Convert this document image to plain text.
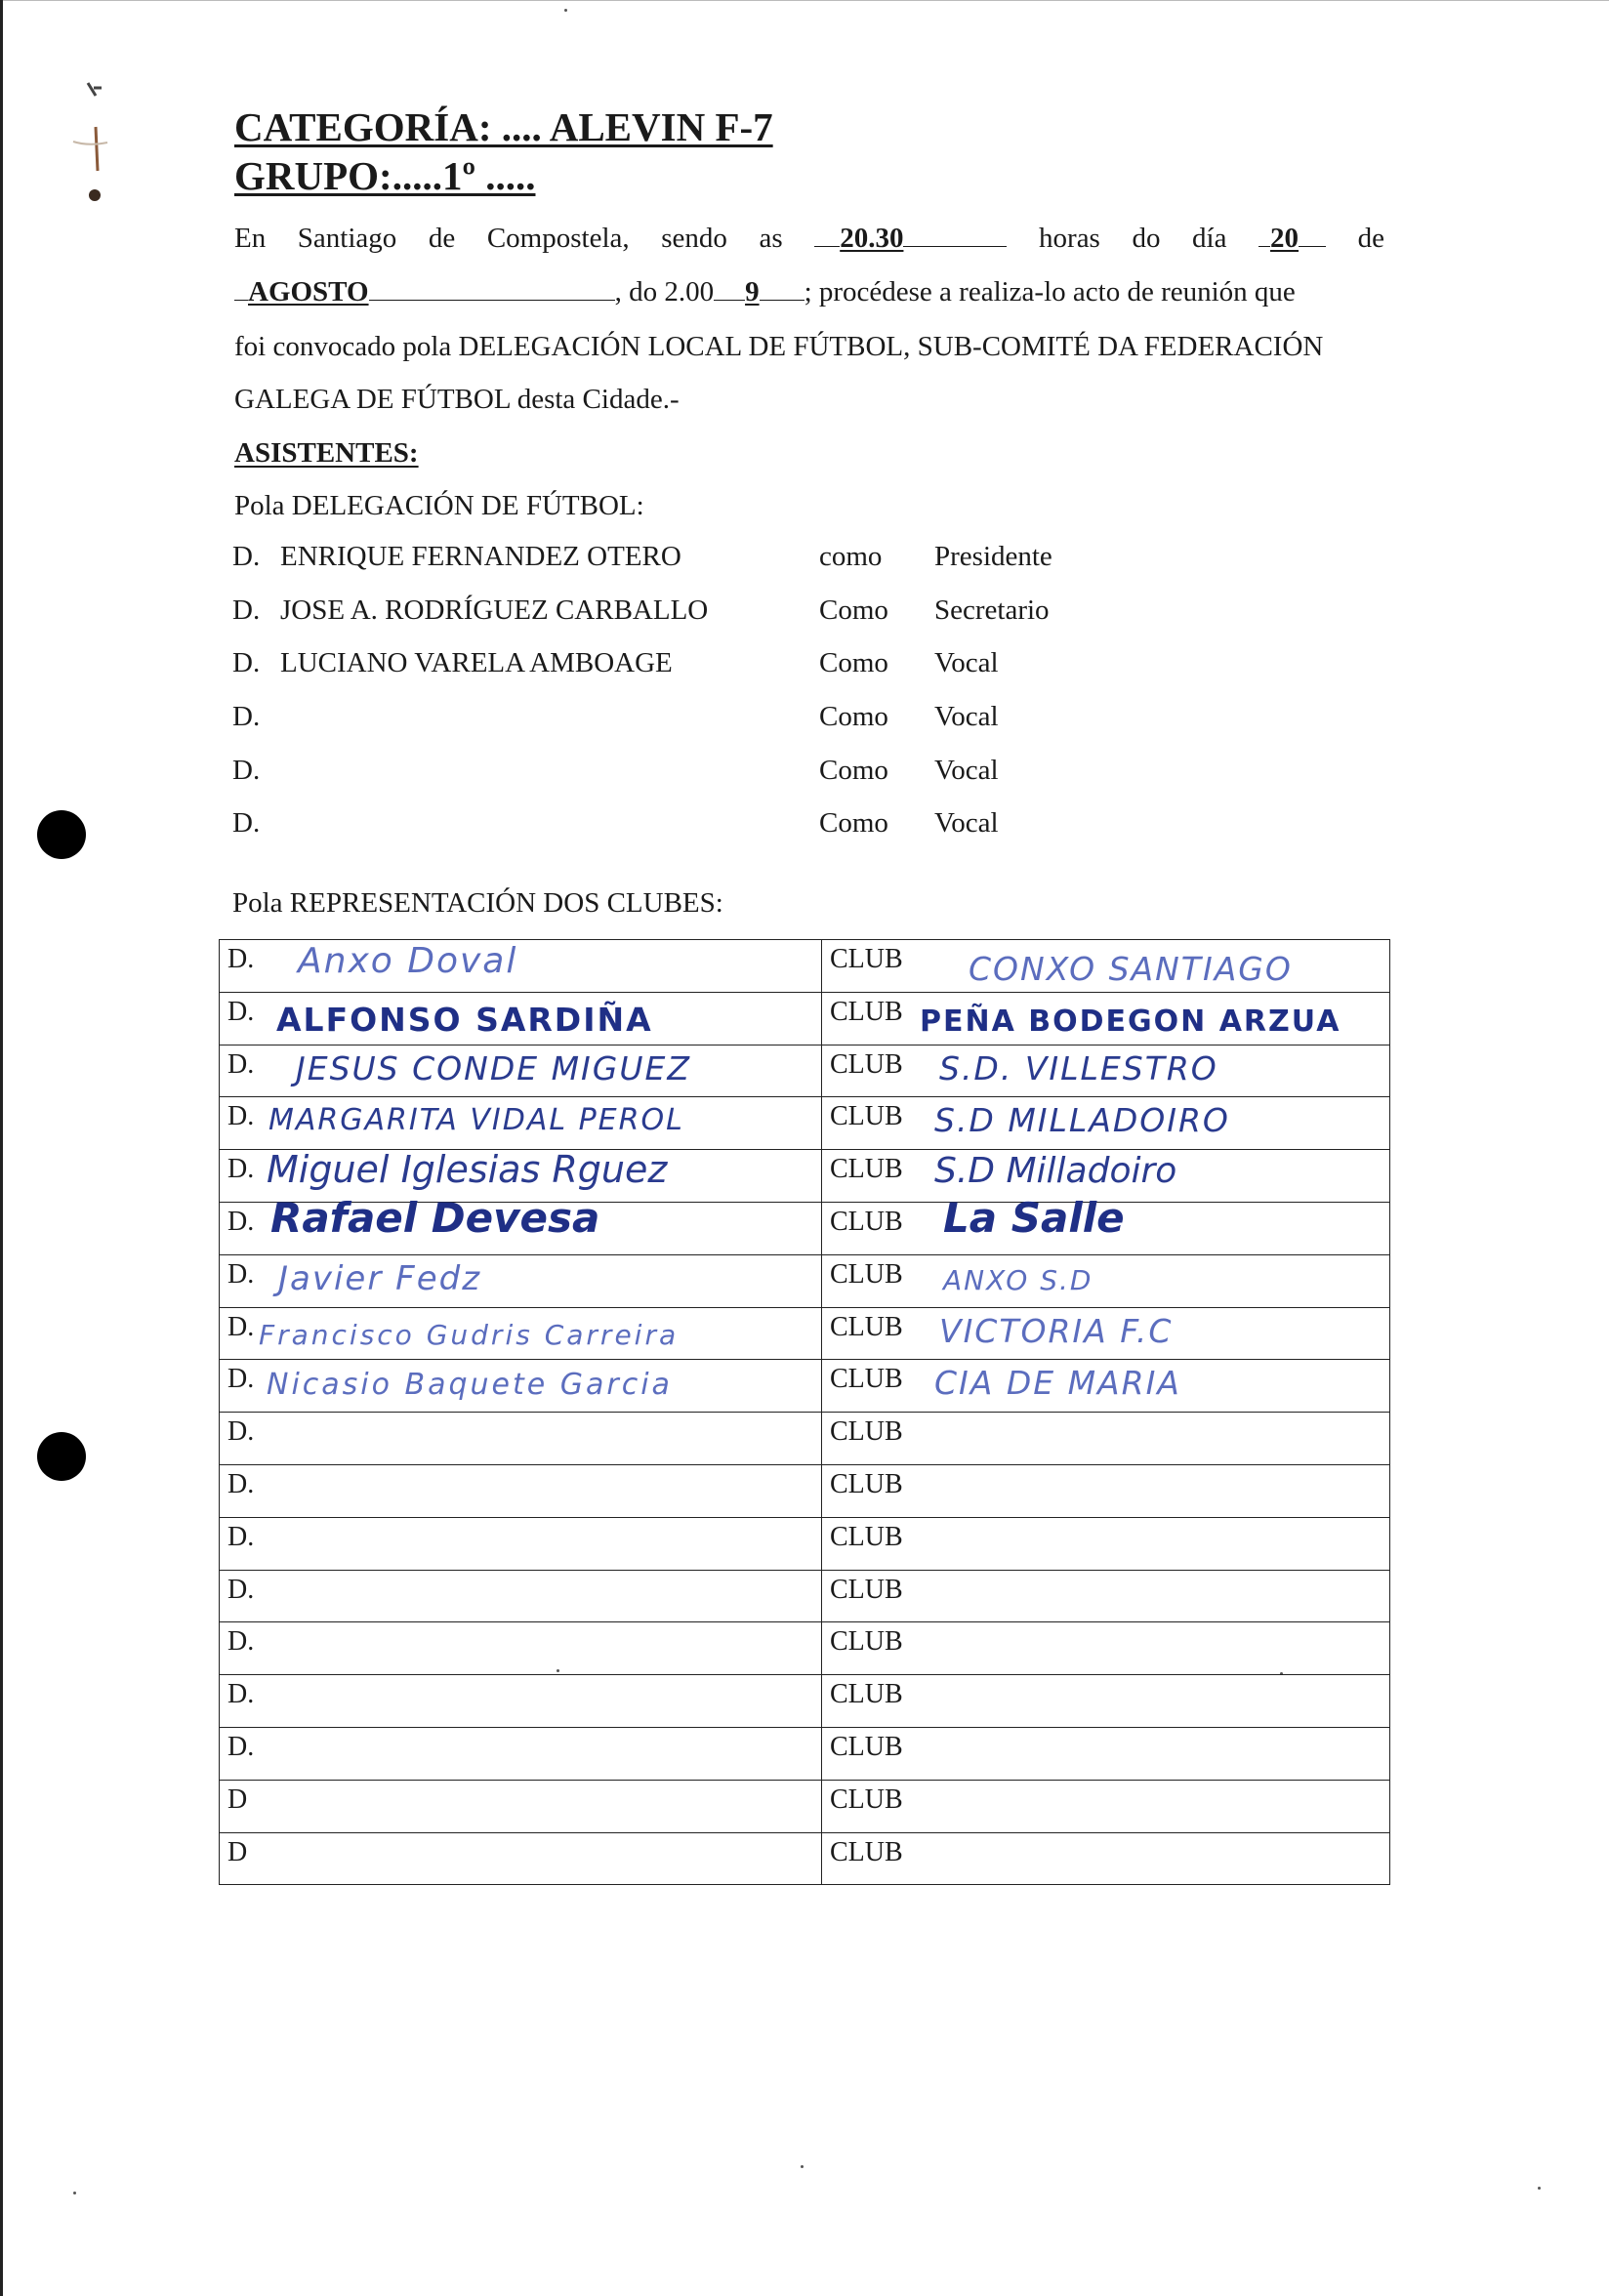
CATEGORÍA: .... ALEVIN F-7
GRUPO:.....1º .....
En Santiago de Compostela, sendo as	20.30	horas do día	20	de
AGOSTO	, do 2.00 9 ; procédese a realiza-lo acto de reunión que
foi convocado pola DELEGACIÓN LOCAL DE FÚTBOL, SUB-COMITÉ DA FEDERACIÓN
GALEGA DE FÚTBOL desta Cidade.-
ASISTENTES:
Pola DELEGACIÓN DE FÚTBOL:
D. ENRIQUE FERNANDEZ OTERO	como Presidente
D. JOSE A. RODRÍGUEZ CARBALLO	Como Secretario
D. LUCIANO VARELA AMBOAGE	Como Vocal
D.	Como Vocal
D.	Como Vocal
D.	Como Vocal
Pola REPRESENTACIÓN DOS CLUBES:
D. Anxo Doval	CLUB CONXO SANTIAGO

D. ALFONSO SARDIÑA	CLUB PEÑA BODEGON ARZUA

D. JESUS CONDE MIGUEZ	CLUB S.D. VILLESTRO

D. MARGARITA VIDAL PEROL	CLUB S.D MILLADOIRO

D. Miguel Iglesias Rguez	CLUB S.D Milladoiro

D. Rafael Devesa	CLUB La Salle

D. Javier Fedz	CLUB ANXO S.D

D. Francisco Gudris Carreira	CLUB VICTORIA F.C

D. Nicasio Baquete Garcia	CLUB CIA DE MARIA

D.	CLUB
D.	CLUB
D.	CLUB
D.	CLUB
D.	CLUB
D.	CLUB
D.	CLUB
D	CLUB
D	CLUB
